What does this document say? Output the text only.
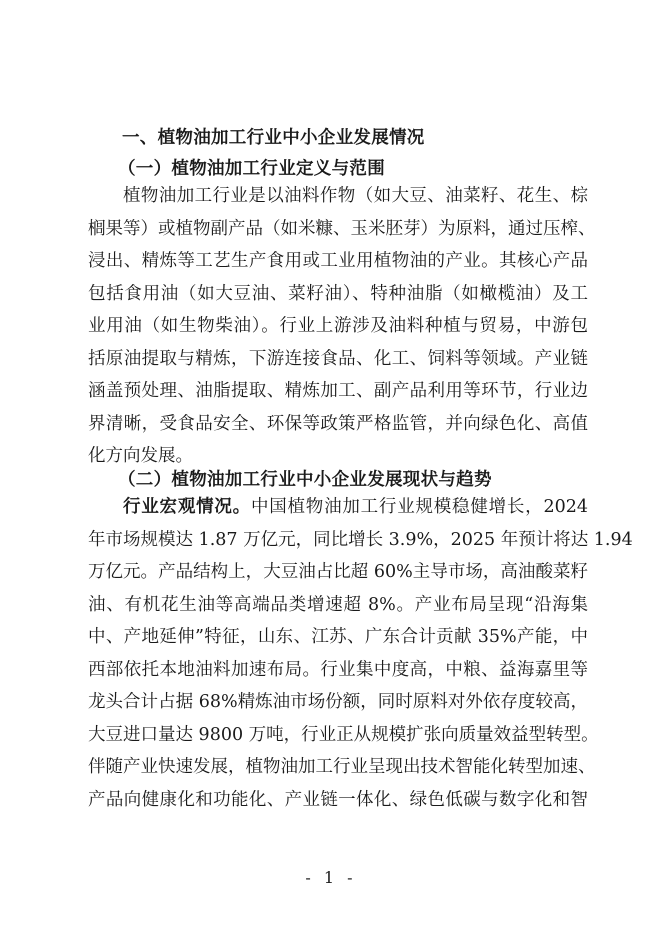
一、植物油加工行业中小企业发展情况
（一）植物油加工行业定义与范围
植物油加工行业是以油料作物（如大豆、油菜籽、花生、棕
榈果等）或植物副产品（如米糠、玉米胚芽）为原料，通过压榨、
浸出、精炼等工艺生产食用或工业用植物油的产业。其核心产品
包括食用油（如大豆油、菜籽油）、特种油脂（如橄榄油）及工
业用油（如生物柴油）。行业上游涉及油料种植与贸易，中游包
括原油提取与精炼，下游连接食品、化工、饲料等领域。产业链
涵盖预处理、油脂提取、精炼加工、副产品利用等环节，行业边
界清晰，受食品安全、环保等政策严格监管，并向绿色化、高值
化方向发展。
（二）植物油加工行业中小企业发展现状与趋势
行业宏观情况。中国植物油加工行业规模稳健增长，2024
年市场规模达 1.87 万亿元，同比增长 3.9%，2025 年预计将达 1.94
万亿元。产品结构上，大豆油占比超 60%主导市场，高油酸菜籽
油、有机花生油等高端品类增速超 8%。产业布局呈现“沿海集
中、产地延伸”特征，山东、江苏、广东合计贡献 35%产能，中
西部依托本地油料加速布局。行业集中度高，中粮、益海嘉里等
龙头合计占据 68%精炼油市场份额，同时原料对外依存度较高，
大豆进口量达 9800 万吨，行业正从规模扩张向质量效益型转型。
伴随产业快速发展，植物油加工行业呈现出技术智能化转型加速、
产品向健康化和功能化、产业链一体化、绿色低碳与数字化和智
- 1 -
